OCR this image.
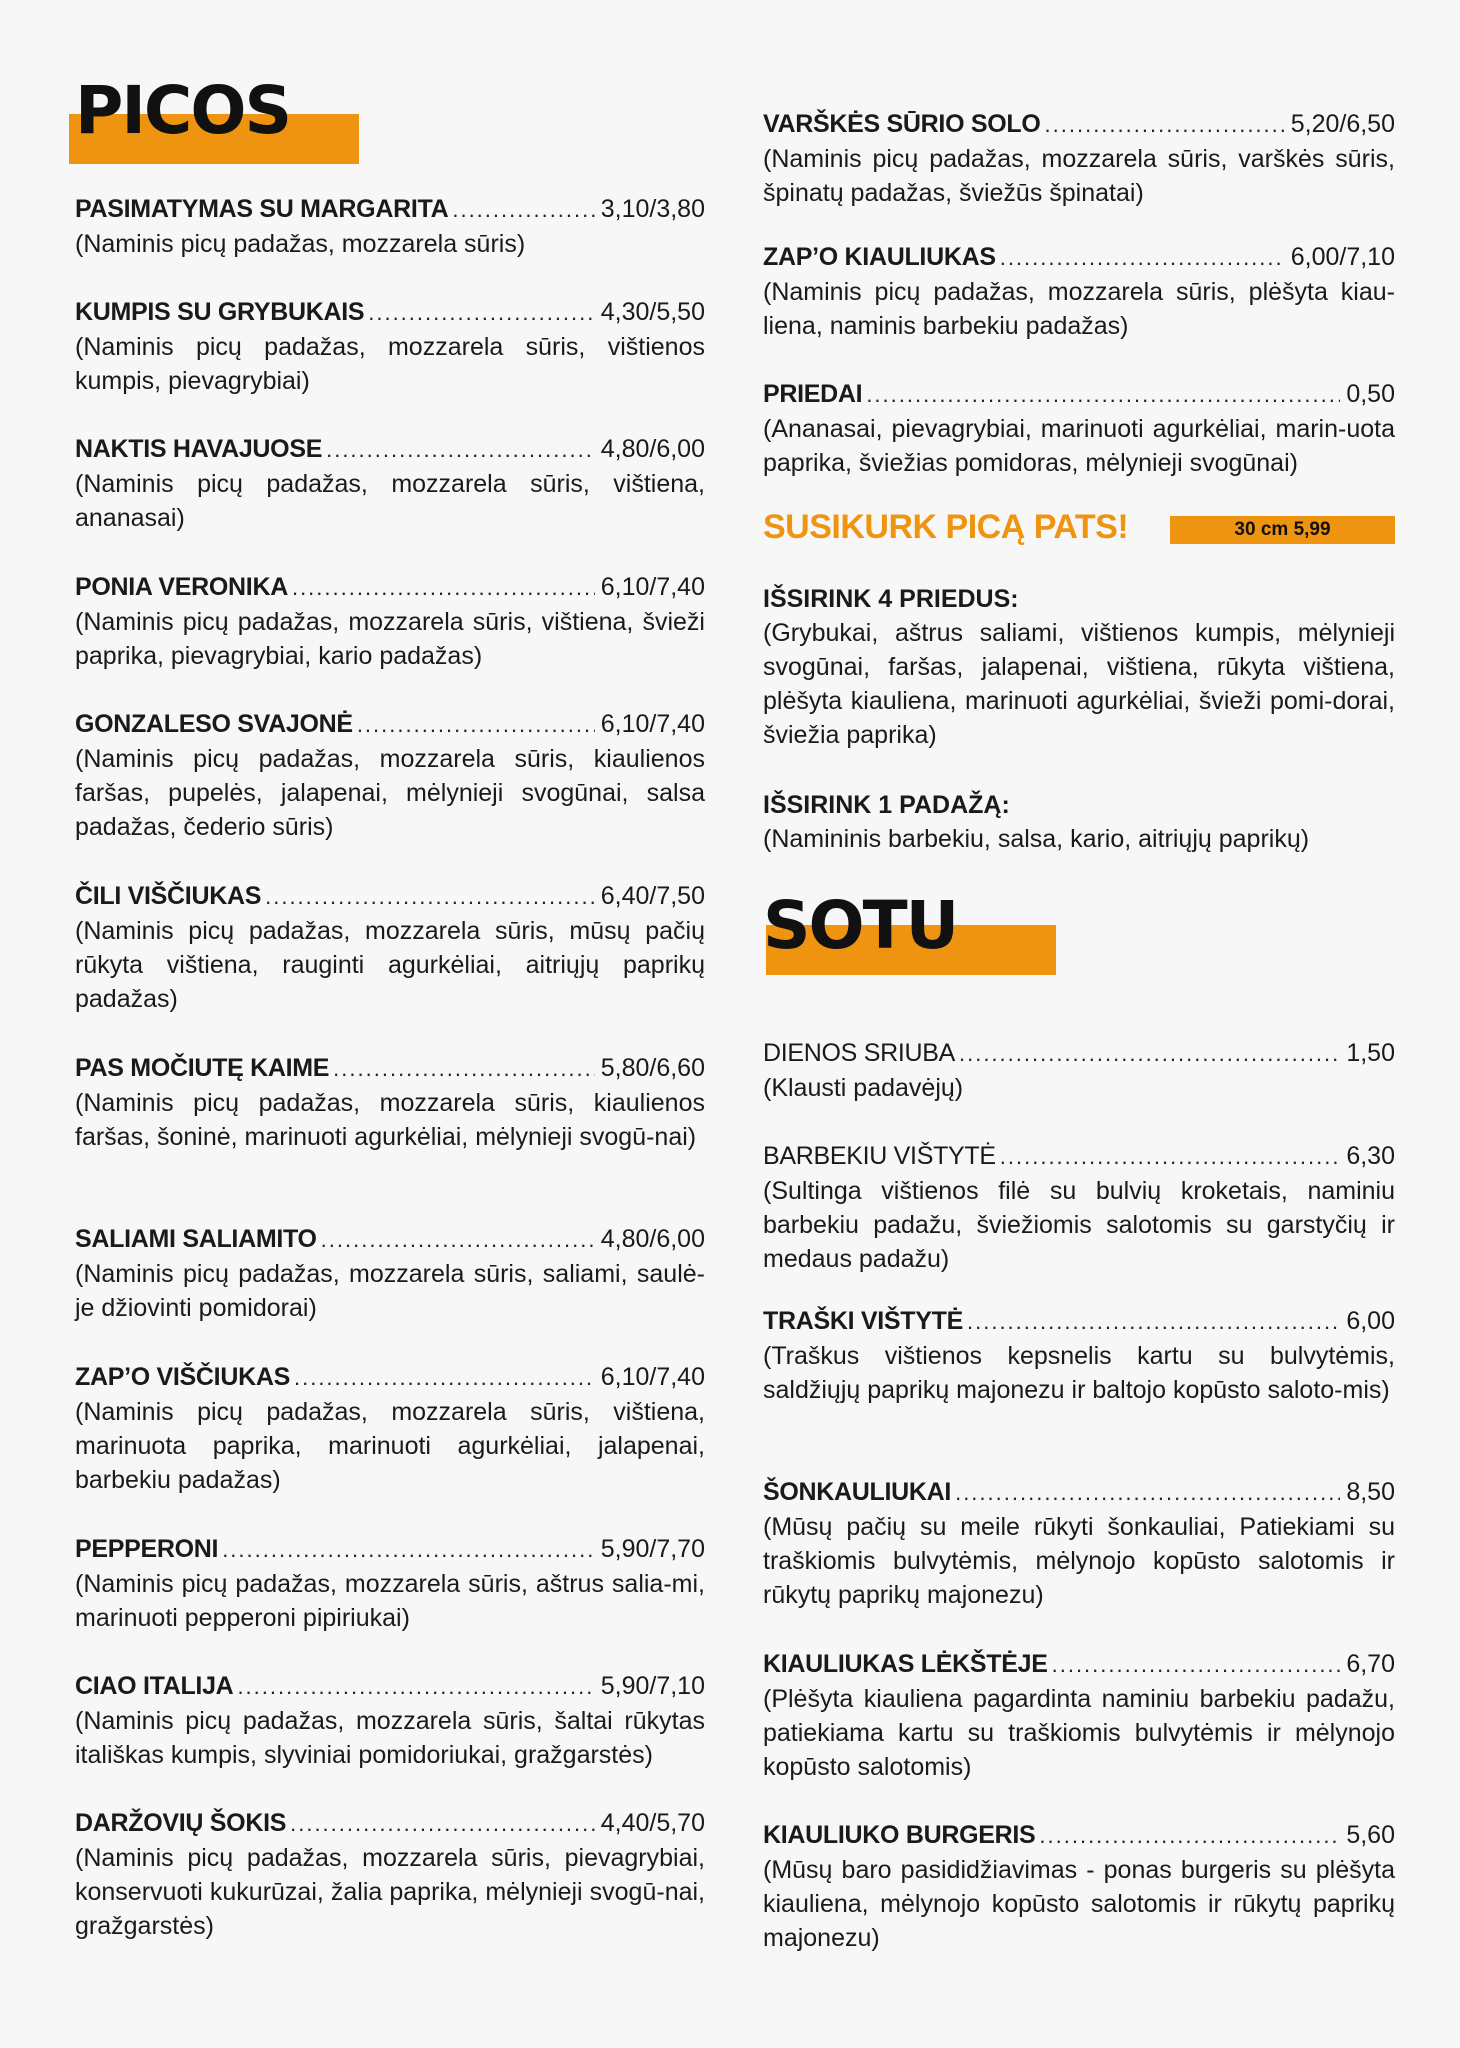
PICOS
PASIMATYMAS SU MARGARITA .....	3,10/3,80
(Naminis picų padažas, mozzarela sūris)
KUMPIS SU GRYBUKAIS .....	4,30/5,50
(Naminis picų padažas, mozzarela sūris, vištienos kumpis, pievagrybiai)
NAKTIS HAVAJUOSE .....	4,80/6,00
(Naminis picų padažas, mozzarela sūris, vištiena, ananasai)
PONIA VERONIKA .....	6,10/7,40
(Naminis picų padažas, mozzarela sūris, vištiena, švieži paprika, pievagrybiai, kario padažas)
GONZALESO SVAJONĖ .....	6,10/7,40
(Naminis picų padažas, mozzarela sūris, kiaulienos faršas, pupelės, jalapenai, mėlynieji svogūnai, salsa padažas, čederio sūris)
ČILI VIŠČIUKAS .....	6,40/7,50
(Naminis picų padažas, mozzarela sūris, mūsų pačių rūkyta vištiena, rauginti agurkėliai, aitriųjų paprikų padažas)
PAS MOČIUTĘ KAIME .....	5,80/6,60
(Naminis picų padažas, mozzarela sūris, kiaulienos faršas, šoninė, marinuoti agurkėliai, mėlynieji svogū-nai)
SALIAMI SALIAMITO .....	4,80/6,00
(Naminis picų padažas, mozzarela sūris, saliami, saulė-je džiovinti pomidorai)
ZAP’O VIŠČIUKAS .....	6,10/7,40
(Naminis picų padažas, mozzarela sūris, vištiena, marinuota paprika, marinuoti agurkėliai, jalapenai, barbekiu padažas)
PEPPERONI .....	5,90/7,70
(Naminis picų padažas, mozzarela sūris, aštrus salia-mi, marinuoti pepperoni pipiriukai)
CIAO ITALIJA .....	5,90/7,10
(Naminis picų padažas, mozzarela sūris, šaltai rūkytas itališkas kumpis, slyviniai pomidoriukai, gražgarstės)
DARŽOVIŲ ŠOKIS .....	4,40/5,70
(Naminis picų padažas, mozzarela sūris, pievagrybiai, konservuoti kukurūzai, žalia paprika, mėlynieji svogū-nai, gražgarstės)
VARŠKĖS SŪRIO SOLO .....	5,20/6,50
(Naminis picų padažas, mozzarela sūris, varškės sūris, špinatų padažas, šviežūs špinatai)
ZAP’O KIAULIUKAS .....	6,00/7,10
(Naminis picų padažas, mozzarela sūris, plėšyta kiau-liena, naminis barbekiu padažas)
PRIEDAI .....	0,50
(Ananasai, pievagrybiai, marinuoti agurkėliai, marin-uota paprika, šviežias pomidoras, mėlynieji svogūnai)
SUSIKURK PICĄ PATS!	30 cm 5,99
IŠSIRINK 4 PRIEDUS:
(Grybukai, aštrus saliami, vištienos kumpis, mėlynieji svogūnai, faršas, jalapenai, vištiena, rūkyta vištiena, plėšyta kiauliena, marinuoti agurkėliai, švieži pomi-dorai, šviežia paprika)
IŠSIRINK 1 PADAŽĄ:
(Namininis barbekiu, salsa, kario, aitriųjų paprikų)
SOTU
DIENOS SRIUBA .....	1,50
(Klausti padavėjų)
BARBEKIU VIŠTYTĖ .....	6,30
(Sultinga vištienos filė su bulvių kroketais, naminiu barbekiu padažu, šviežiomis salotomis su garstyčių ir medaus padažu)
TRAŠKI VIŠTYTĖ .....	6,00
(Traškus vištienos kepsnelis kartu su bulvytėmis, saldžiųjų paprikų majonezu ir baltojo kopūsto saloto-mis)
ŠONKAULIUKAI .....	8,50
(Mūsų pačių su meile rūkyti šonkauliai, Patiekiami su traškiomis bulvytėmis, mėlynojo kopūsto salotomis ir rūkytų paprikų majonezu)
KIAULIUKAS LĖKŠTĖJE .....	6,70
(Plėšyta kiauliena pagardinta naminiu barbekiu padažu, patiekiama kartu su traškiomis bulvytėmis ir mėlynojo kopūsto salotomis)
KIAULIUKO BURGERIS .....	5,60
(Mūsų baro pasididžiavimas - ponas burgeris su plėšyta kiauliena, mėlynojo kopūsto salotomis ir rūkytų paprikų majonezu)
